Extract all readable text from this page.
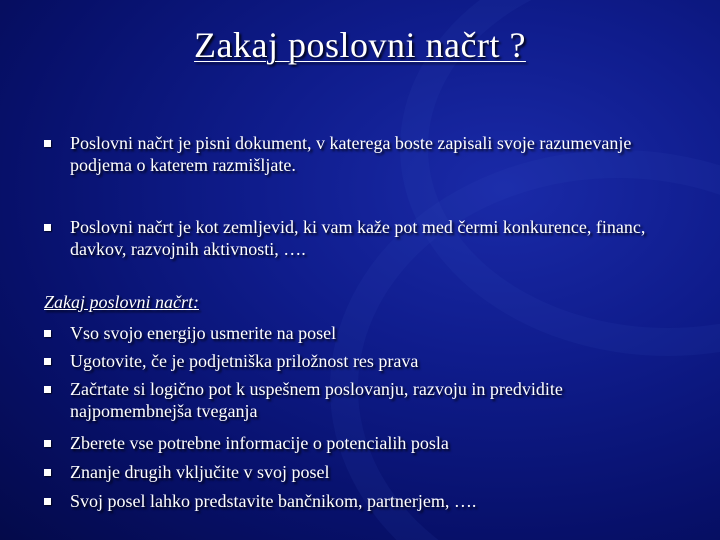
Zakaj poslovni načrt ?
Poslovni načrt je pisni dokument, v katerega boste zapisali svoje razumevanje podjema o katerem razmišljate.
Poslovni načrt je kot zemljevid, ki vam kaže pot med čermi konkurence, financ, davkov, razvojnih aktivnosti, ….
Zakaj poslovni načrt:
Vso svojo energijo usmerite na posel
Ugotovite, če je podjetniška priložnost res prava
Začrtate si logično pot k uspešnem poslovanju, razvoju in predvidite najpomembnejša tveganja
Zberete vse potrebne informacije o potencialih posla
Znanje drugih vključite v svoj posel
Svoj posel lahko predstavite bančnikom, partnerjem, ….
